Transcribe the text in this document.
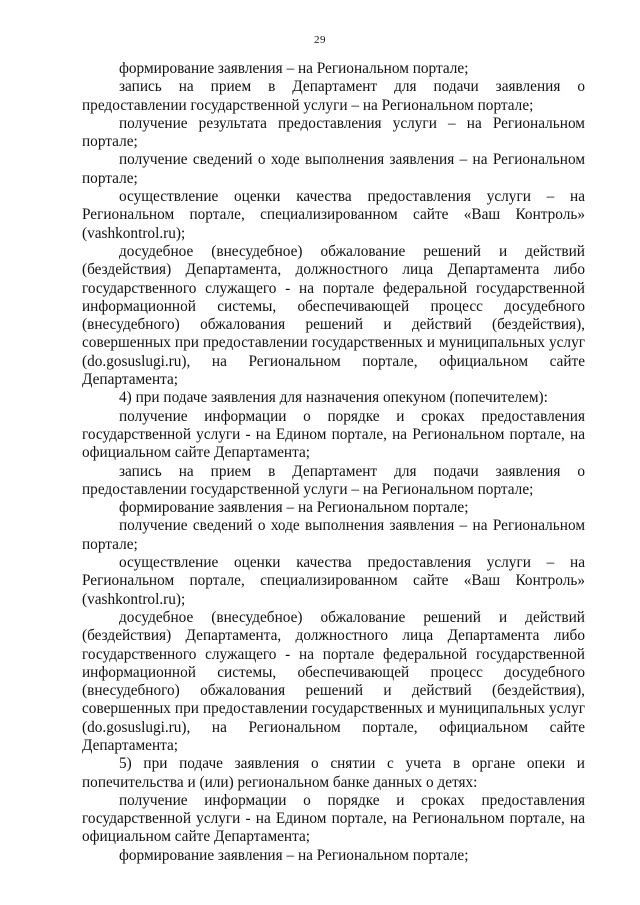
29

формирование заявления – на Региональном портале;

запись на прием в Департамент для подачи заявления о предоставлении государственной услуги – на Региональном портале;

получение результата предоставления услуги – на Региональном портале;

получение сведений о ходе выполнения заявления – на Региональном портале;

осуществление оценки качества предоставления услуги – на Региональном портале, специализированном сайте «Ваш Контроль» (vashkontrol.ru);

досудебное (внесудебное) обжалование решений и действий (бездействия) Департамента, должностного лица Департамента либо государственного служащего - на портале федеральной государственной информационной системы, обеспечивающей процесс досудебного (внесудебного) обжалования решений и действий (бездействия), совершенных при предоставлении государственных и муниципальных услуг (do.gosuslugi.ru), на Региональном портале, официальном сайте Департамента;

4) при подаче заявления для назначения опекуном (попечителем):

получение информации о порядке и сроках предоставления государственной услуги - на Едином портале, на Региональном портале, на официальном сайте Департамента;

запись на прием в Департамент для подачи заявления о предоставлении государственной услуги – на Региональном портале;

формирование заявления – на Региональном портале;

получение сведений о ходе выполнения заявления – на Региональном портале;

осуществление оценки качества предоставления услуги – на Региональном портале, специализированном сайте «Ваш Контроль» (vashkontrol.ru);

досудебное (внесудебное) обжалование решений и действий (бездействия) Департамента, должностного лица Департамента либо государственного служащего - на портале федеральной государственной информационной системы, обеспечивающей процесс досудебного (внесудебного) обжалования решений и действий (бездействия), совершенных при предоставлении государственных и муниципальных услуг (do.gosuslugi.ru), на Региональном портале, официальном сайте Департамента;

5) при подаче заявления о снятии с учета в органе опеки и попечительства и (или) региональном банке данных о детях:

получение информации о порядке и сроках предоставления государственной услуги - на Едином портале, на Региональном портале, на официальном сайте Департамента;

формирование заявления – на Региональном портале;
